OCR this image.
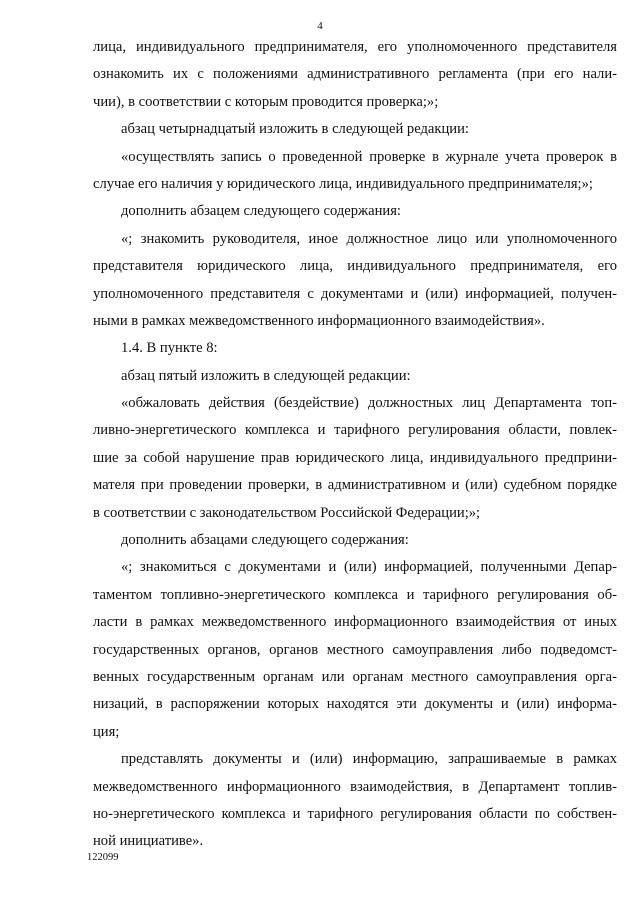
4
лица, индивидуального предпринимателя, его уполномоченного представителя
ознакомить их с положениями административного регламента (при его нали-
чии), в соответствии с которым проводится проверка;»;
абзац четырнадцатый изложить в следующей редакции:
«осуществлять запись о проведенной проверке в журнале учета проверок в
случае его наличия у юридического лица, индивидуального предпринимателя;»;
дополнить абзацем следующего содержания:
«; знакомить руководителя, иное должностное лицо или уполномоченного
представителя юридического лица, индивидуального предпринимателя, его
уполномоченного представителя с документами и (или) информацией, получен-
ными в рамках межведомственного информационного взаимодействия».
1.4. В пункте 8:
абзац пятый изложить в следующей редакции:
«обжаловать действия (бездействие) должностных лиц Департамента топ-
ливно-энергетического комплекса и тарифного регулирования области, повлек-
шие за собой нарушение прав юридического лица, индивидуального предприни-
мателя при проведении проверки, в административном и (или) судебном порядке
в соответствии с законодательством Российской Федерации;»;
дополнить абзацами следующего содержания:
«; знакомиться с документами и (или) информацией, полученными Депар-
таментом топливно-энергетического комплекса и тарифного регулирования об-
ласти в рамках межведомственного информационного взаимодействия от иных
государственных органов, органов местного самоуправления либо подведомст-
венных государственным органам или органам местного самоуправления орга-
низаций, в распоряжении которых находятся эти документы и (или) информа-
ция;
представлять документы и (или) информацию, запрашиваемые в рамках
межведомственного информационного взаимодействия, в Департамент топлив-
но-энергетического комплекса и тарифного регулирования области по собствен-
ной инициативе».
122099
